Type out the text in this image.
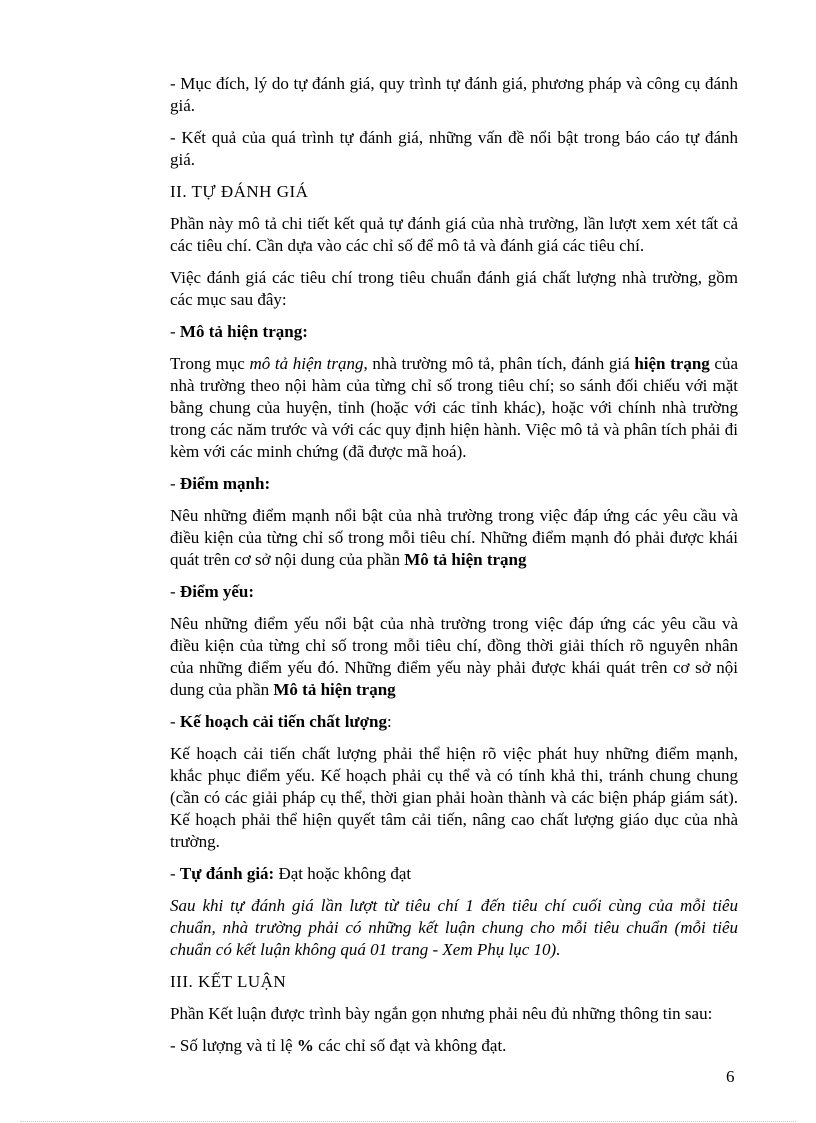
- Mục đích, lý do tự đánh giá, quy trình tự đánh giá, phương pháp và công cụ đánh giá.

- Kết quả của quá trình tự đánh giá, những vấn đề nổi bật trong báo cáo tự đánh giá.

II. TỰ ĐÁNH GIÁ

Phần này mô tả chi tiết kết quả tự đánh giá của nhà trường, lần lượt xem xét tất cả các tiêu chí. Cần dựa vào các chỉ số để mô tả và đánh giá các tiêu chí.

Việc đánh giá các tiêu chí trong tiêu chuẩn đánh giá chất lượng nhà trường, gồm các mục sau đây:

- Mô tả hiện trạng:

Trong mục mô tả hiện trạng, nhà trường mô tả, phân tích, đánh giá hiện trạng của nhà trường theo nội hàm của từng chỉ số trong tiêu chí; so sánh đối chiếu với mặt bằng chung của huyện, tỉnh (hoặc với các tỉnh khác), hoặc với chính nhà trường trong các năm trước và với các quy định hiện hành. Việc mô tả và phân tích phải đi kèm với các minh chứng (đã được mã hoá).

- Điểm mạnh:

Nêu những điểm mạnh nổi bật của nhà trường trong việc đáp ứng các yêu cầu và điều kiện của từng chỉ số trong mỗi tiêu chí. Những điểm mạnh đó phải được khái quát trên cơ sở nội dung của phần Mô tả hiện trạng

- Điểm yếu:

Nêu những điểm yếu nổi bật của nhà trường trong việc đáp ứng các yêu cầu và điều kiện của từng chỉ số trong mỗi tiêu chí, đồng thời giải thích rõ nguyên nhân của những điểm yếu đó. Những điểm yếu này phải được khái quát trên cơ sở nội dung của phần Mô tả hiện trạng

- Kế hoạch cải tiến chất lượng:

Kế hoạch cải tiến chất lượng phải thể hiện rõ việc phát huy những điểm mạnh, khắc phục điểm yếu. Kế hoạch phải cụ thể và có tính khả thi, tránh chung chung (cần có các giải pháp cụ thể, thời gian phải hoàn thành và các biện pháp giám sát). Kế hoạch phải thể hiện quyết tâm cải tiến, nâng cao chất lượng giáo dục của nhà trường.

- Tự đánh giá: Đạt hoặc không đạt

Sau khi tự đánh giá lần lượt từ tiêu chí 1 đến tiêu chí cuối cùng của mỗi tiêu chuẩn, nhà trường phải có những kết luận chung cho mỗi tiêu chuẩn (mỗi tiêu chuẩn có kết luận không quá 01 trang - Xem Phụ lục 10).

III. KẾT LUẬN

Phần Kết luận được trình bày ngắn gọn nhưng phải nêu đủ những thông tin sau:

- Số lượng và tỉ lệ % các chỉ số đạt và không đạt.

6
